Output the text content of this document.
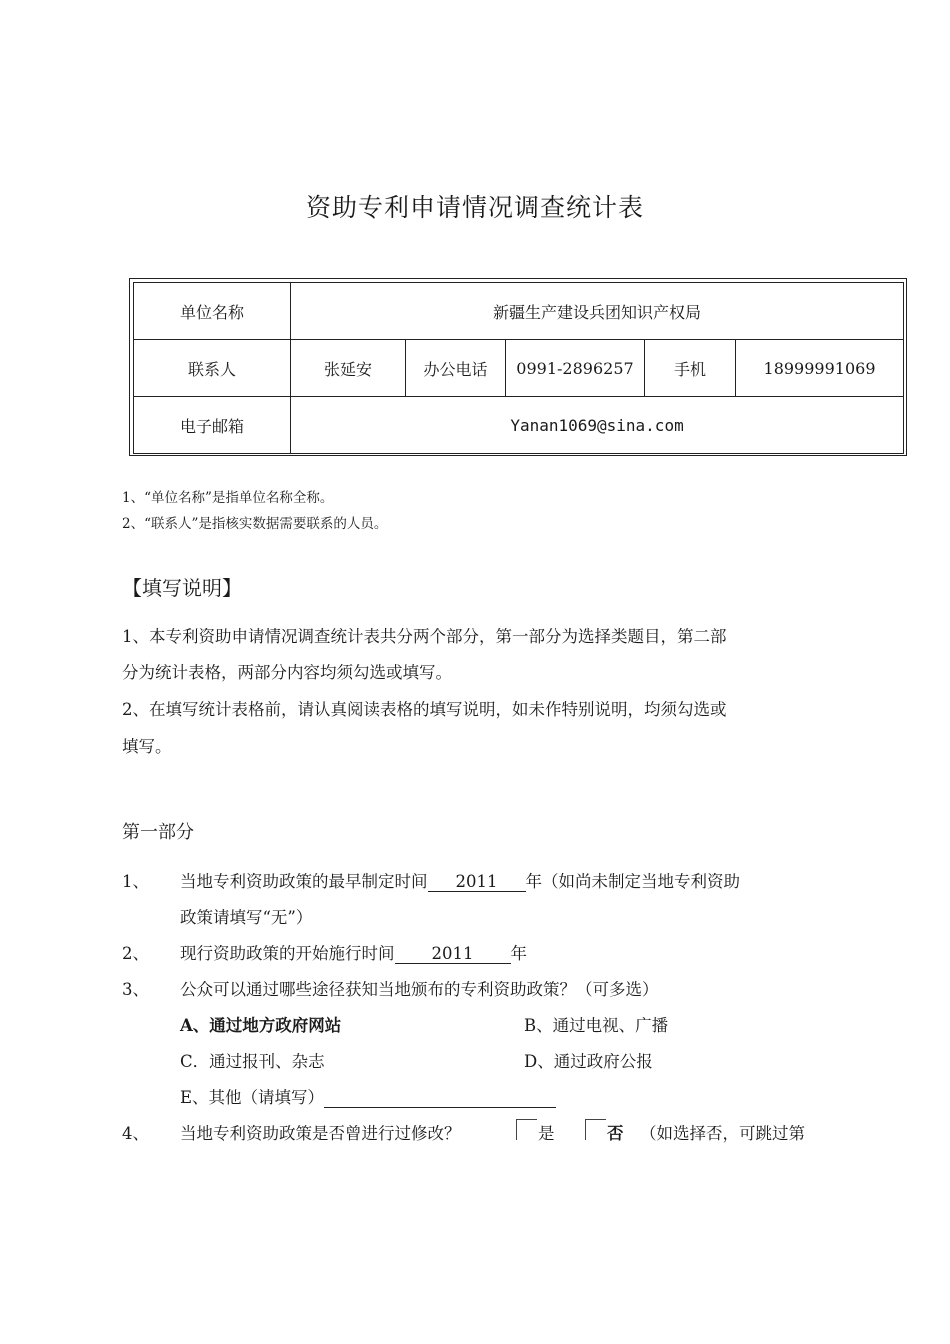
资助专利申请情况调查统计表
单位名称	新疆生产建设兵团知识产权局				
联系人	张延安	办公电话	0991-2896257	手机	18999991069
电子邮箱	Yanan1069@sina.com				
1、“单位名称”是指单位名称全称。
2、“联系人”是指核实数据需要联系的人员。
【填写说明】
1、本专利资助申请情况调查统计表共分两个部分，第一部分为选择类题目，第二部
分为统计表格，两部分内容均须勾选或填写。
2、在填写统计表格前，请认真阅读表格的填写说明，如未作特别说明，均须勾选或
填写。
第一部分
1、 当地专利资助政策的最早制定时间 2011 年（如尚未制定当地专利资助
政策请填写“无”）
2、 现行资助政策的开始施行时间 2011 年
3、 公众可以通过哪些途径获知当地颁布的专利资助政策？（可多选）
A、通过地方政府网站	B、通过电视、广播
C．通过报刊、杂志	D、通过政府公报
E、其他（请填写）
4、 当地专利资助政策是否曾进行过修改？	是	否 （如选择否，可跳过第
